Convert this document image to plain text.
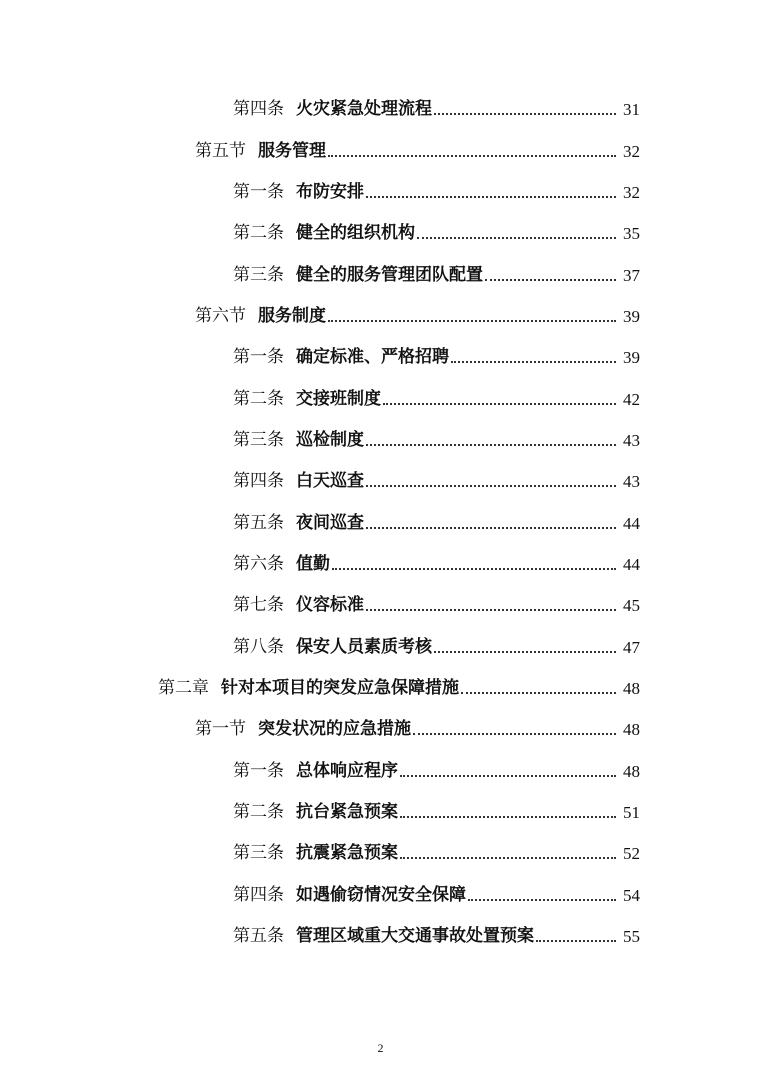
第四条 火灾紧急处理流程	31
第五节 服务管理	32
第一条 布防安排	32
第二条 健全的组织机构	35
第三条 健全的服务管理团队配置	37
第六节 服务制度	39
第一条 确定标准、严格招聘	39
第二条 交接班制度	42
第三条 巡检制度	43
第四条 白天巡查	43
第五条 夜间巡查	44
第六条 值勤	44
第七条 仪容标准	45
第八条 保安人员素质考核	47
第二章 针对本项目的突发应急保障措施	48
第一节 突发状况的应急措施	48
第一条 总体响应程序	48
第二条 抗台紧急预案	51
第三条 抗震紧急预案	52
第四条 如遇偷窃情况安全保障	54
第五条 管理区域重大交通事故处置预案	55
2
